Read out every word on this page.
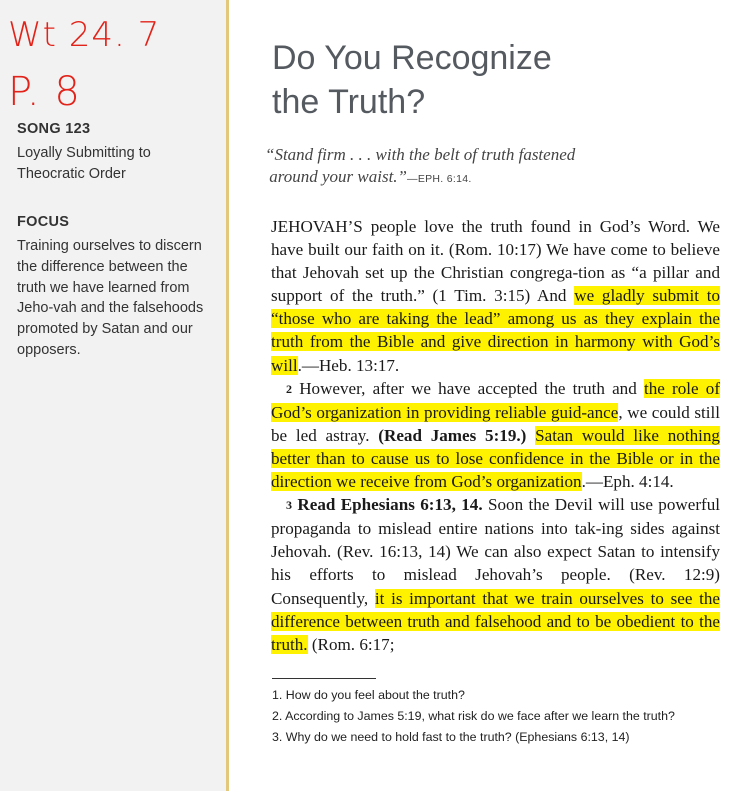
Wt 24. 7
P. 8
SONG 123
Loyally Submitting to Theocratic Order
FOCUS
Training ourselves to discern the difference between the truth we have learned from Jeho-vah and the falsehoods promoted by Satan and our opposers.
Do You Recognize
the Truth?
“Stand firm . . . with the belt of truth fastened
around your waist.”—EPH. 6:14.

JEHOVAH’S people love the truth found in God’s Word. We have built our faith on it. (Rom. 10:17) We have come to believe that Jehovah set up the Christian congrega-tion as “a pillar and support of the truth.” (1 Tim. 3:15) And we gladly submit to “those who are taking the lead” among us as they explain the truth from the Bible and give direction in harmony with God’s will.—Heb. 13:17.

2 However, after we have accepted the truth and the role of God’s organization in providing reliable guid-ance, we could still be led astray. (Read James 5:19.) Satan would like nothing better than to cause us to lose confidence in the Bible or in the direction we receive from God’s organization.—Eph. 4:14.

3 Read Ephesians 6:13, 14. Soon the Devil will use powerful propaganda to mislead entire nations into tak-ing sides against Jehovah. (Rev. 16:13, 14) We can also expect Satan to intensify his efforts to mislead Jehovah’s people. (Rev. 12:9) Consequently, it is important that we train ourselves to see the difference between truth and falsehood and to be obedient to the truth. (Rom. 6:17;

1. How do you feel about the truth?
2. According to James 5:19, what risk do we face after we learn the truth?
3. Why do we need to hold fast to the truth? (Ephesians 6:13, 14)
